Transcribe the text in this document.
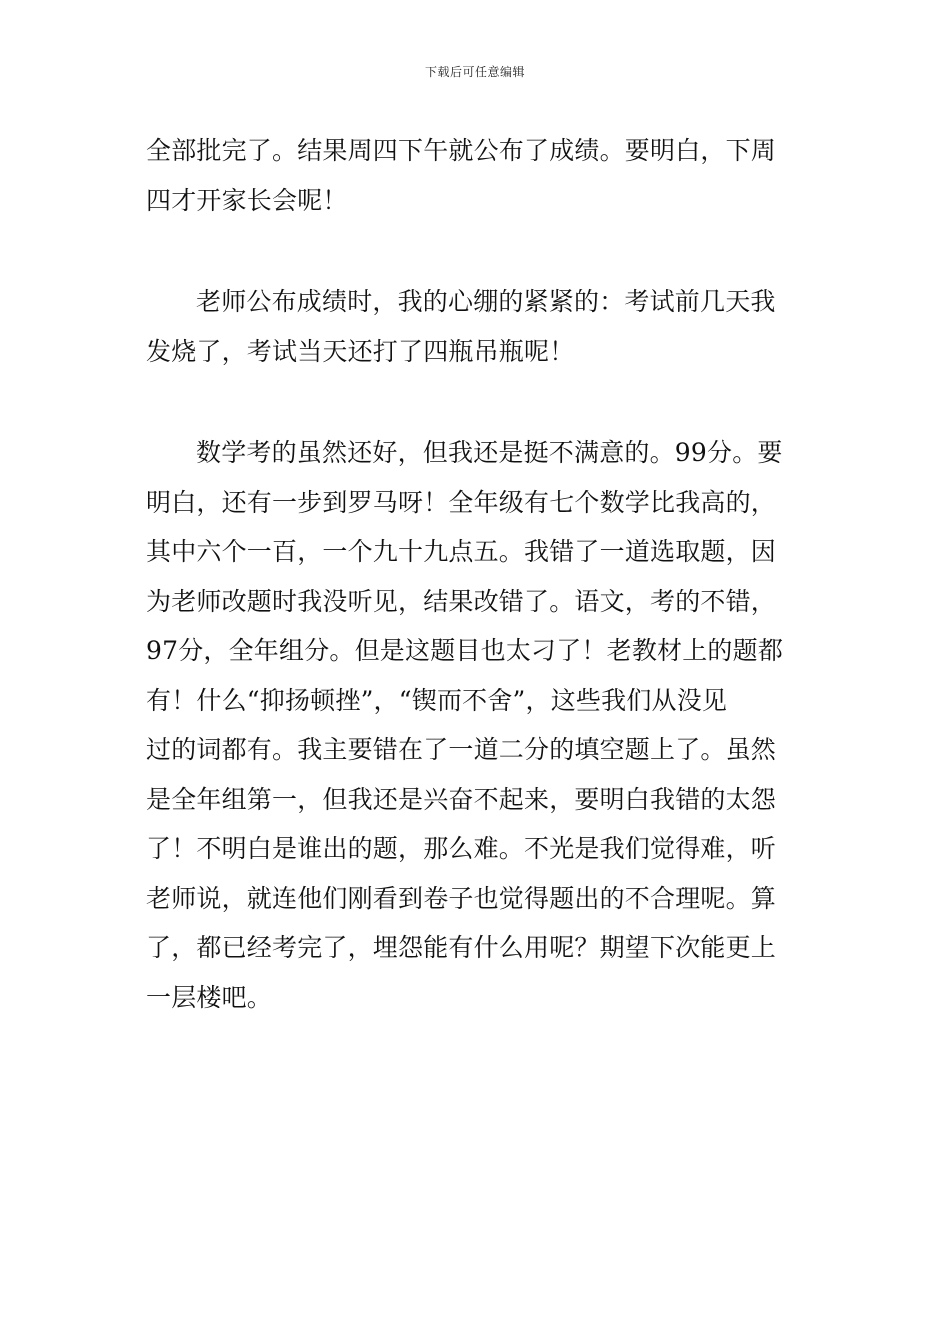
下载后可任意编辑
全部批完了。结果周四下午就公布了成绩。要明白，下周
四才开家长会呢！
老师公布成绩时，我的心绷的紧紧的：考试前几天我
发烧了，考试当天还打了四瓶吊瓶呢！
数学考的虽然还好，但我还是挺不满意的。99分。要
明白，还有一步到罗马呀！全年级有七个数学比我高的，
其中六个一百，一个九十九点五。我错了一道选取题，因
为老师改题时我没听见，结果改错了。语文，考的不错，
97分，全年组分。但是这题目也太刁了！老教材上的题都
有！什么“抑扬顿挫”，“锲而不舍”，这些我们从没见
过的词都有。我主要错在了一道二分的填空题上了。虽然
是全年组第一，但我还是兴奋不起来，要明白我错的太怨
了！不明白是谁出的题，那么难。不光是我们觉得难，听
老师说，就连他们刚看到卷子也觉得题出的不合理呢。算
了，都已经考完了，埋怨能有什么用呢？期望下次能更上
一层楼吧。
